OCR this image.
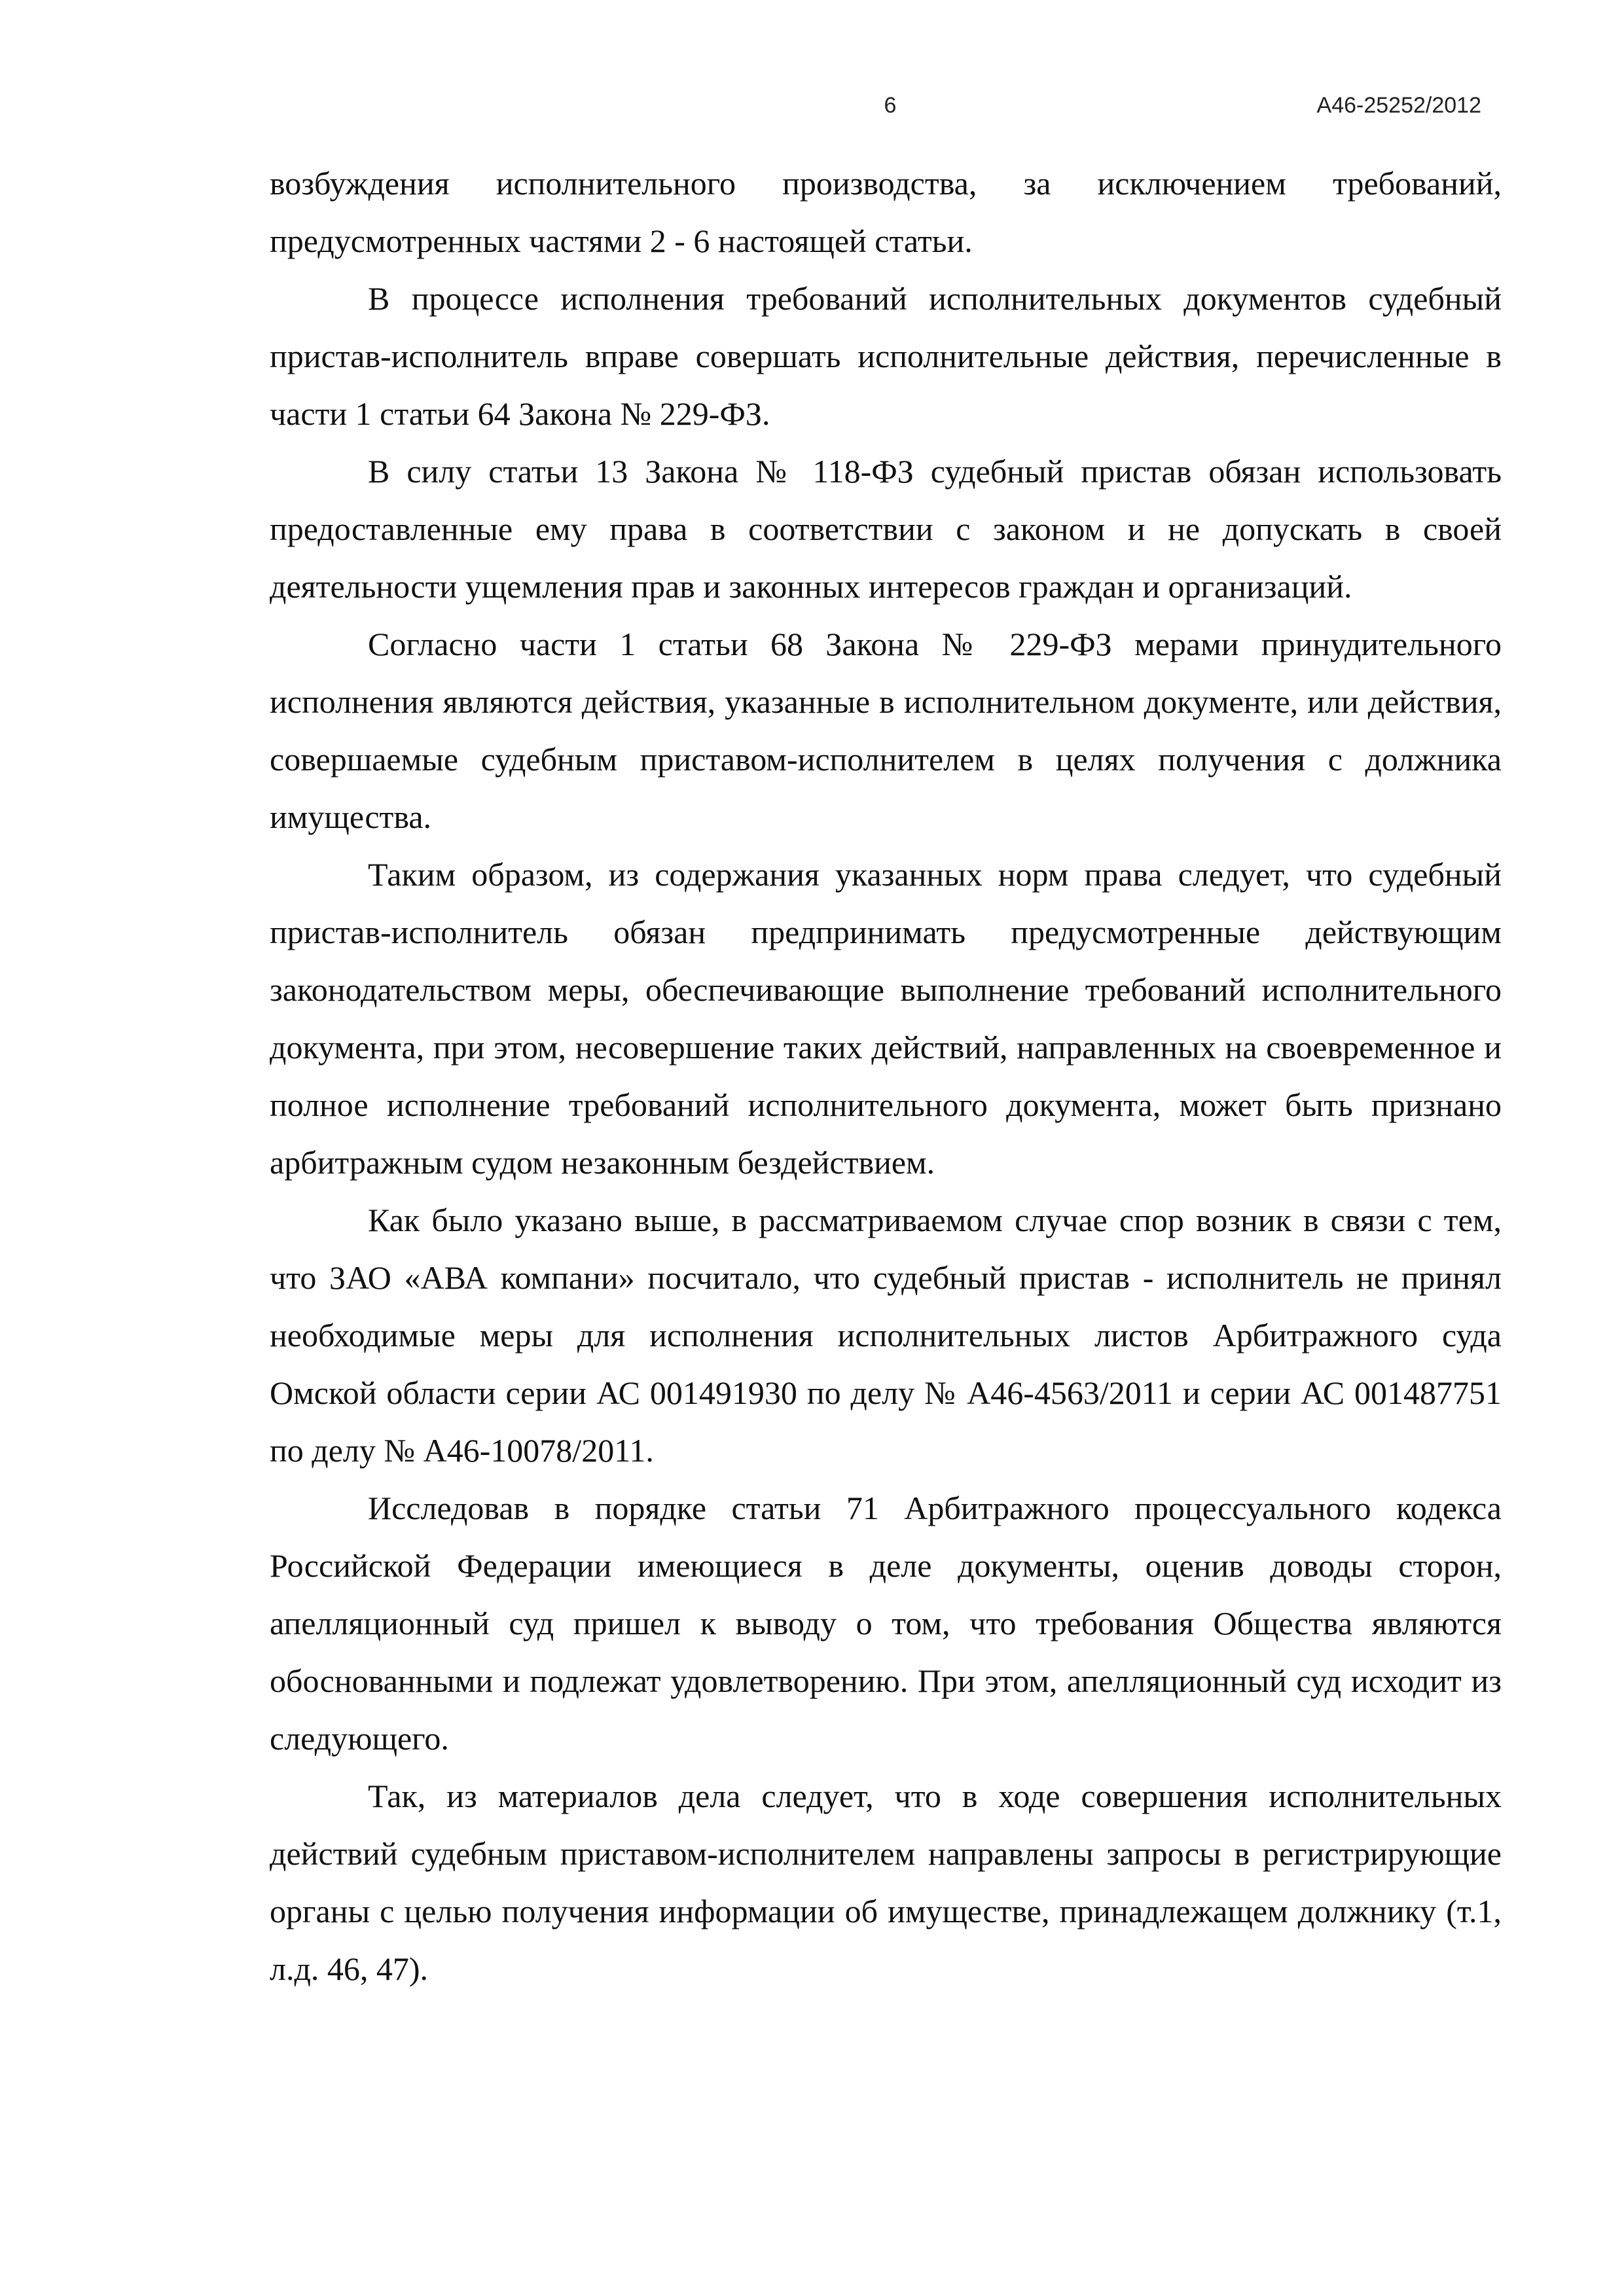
6	А46-25252/2012

возбуждения исполнительного производства, за исключением требований, предусмотренных частями 2 - 6 настоящей статьи.

В процессе исполнения требований исполнительных документов судебный пристав-исполнитель вправе совершать исполнительные действия, перечисленные в части 1 статьи 64 Закона № 229-ФЗ.

В силу статьи 13 Закона № 118-ФЗ судебный пристав обязан использовать предоставленные ему права в соответствии с законом и не допускать в своей деятельности ущемления прав и законных интересов граждан и организаций.

Согласно части 1 статьи 68 Закона № 229-ФЗ мерами принудительного исполнения являются действия, указанные в исполнительном документе, или действия, совершаемые судебным приставом-исполнителем в целях получения с должника имущества.

Таким образом, из содержания указанных норм права следует, что судебный пристав-исполнитель обязан предпринимать предусмотренные действующим законодательством меры, обеспечивающие выполнение требований исполнительного документа, при этом, несовершение таких действий, направленных на своевременное и полное исполнение требований исполнительного документа, может быть признано арбитражным судом незаконным бездействием.

Как было указано выше, в рассматриваемом случае спор возник в связи с тем, что ЗАО «АВА компани» посчитало, что судебный пристав - исполнитель не принял необходимые меры для исполнения исполнительных листов Арбитражного суда Омской области серии АС 001491930 по делу № А46-4563/2011 и серии АС 001487751 по делу № А46-10078/2011.

Исследовав в порядке статьи 71 Арбитражного процессуального кодекса Российской Федерации имеющиеся в деле документы, оценив доводы сторон, апелляционный суд пришел к выводу о том, что требования Общества являются обоснованными и подлежат удовлетворению. При этом, апелляционный суд исходит из следующего.

Так, из материалов дела следует, что в ходе совершения исполнительных действий судебным приставом-исполнителем направлены запросы в регистрирующие органы с целью получения информации об имуществе, принадлежащем должнику (т.1, л.д. 46, 47).
